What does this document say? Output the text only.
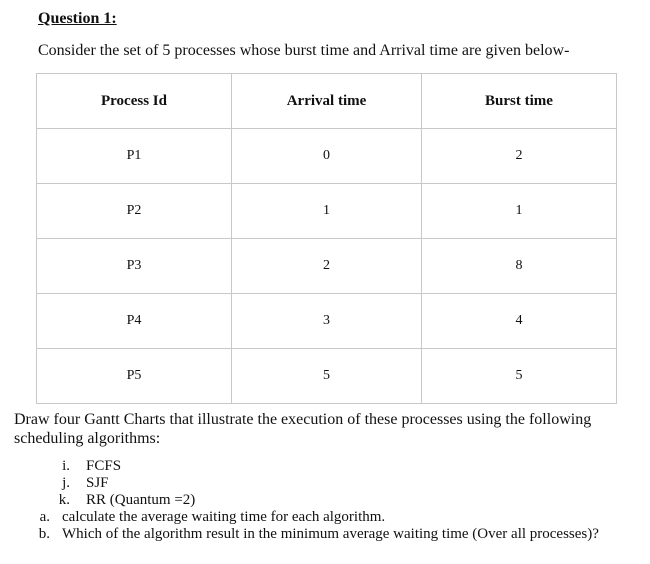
Question 1:
Consider the set of 5 processes whose burst time and Arrival time are given below-
Process Id	Arrival time	Burst time
P1	0	2
P2	1	1
P3	2	8
P4	3	4
P5	5	5
Draw four Gantt Charts that illustrate the execution of these processes using the following scheduling algorithms:
i. FCFS
j. SJF
k. RR (Quantum =2)
a. calculate the average waiting time for each algorithm.
b. Which of the algorithm result in the minimum average waiting time (Over all processes)?
